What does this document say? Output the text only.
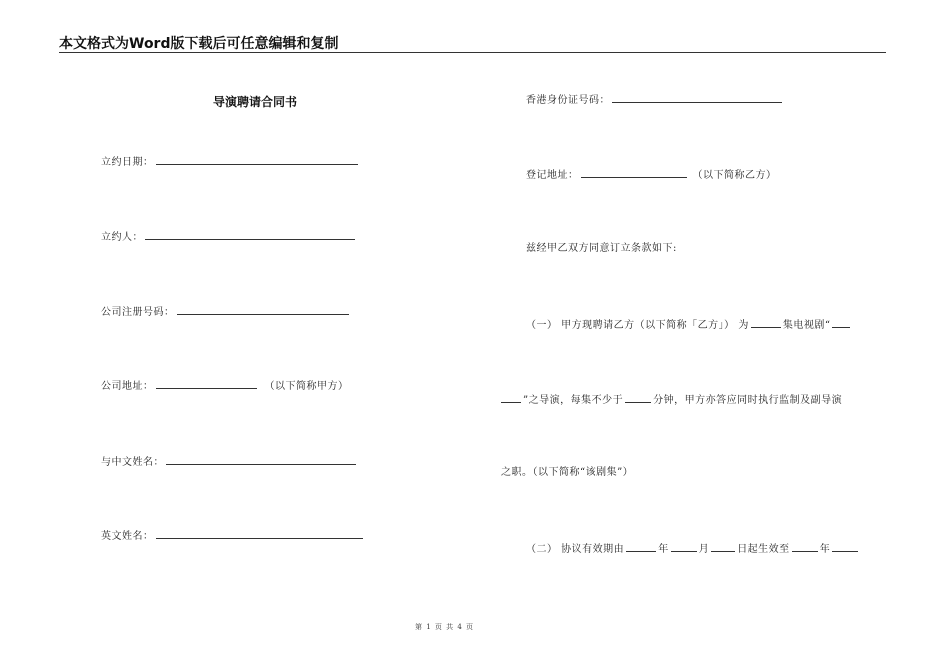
本文格式为Word版下载后可任意编辑和复制
导演聘请合同书
立约日期：
立约人：
公司注册号码：
公司地址：	（以下简称甲方）
与中文姓名：
英文姓名：
香港身份证号码：
登记地址：	（以下简称乙方）
兹经甲乙双方同意订立条款如下:
（一） 甲方现聘请乙方（以下简称「乙方」） 为	集电视剧“
”之导演，每集不少于	分钟，甲方亦答应同时执行监制及副导演
之职。（以下简称“该剧集”）
（二） 协议有效期由	年	月	日起生效至	年
第 1 页 共 4 页
